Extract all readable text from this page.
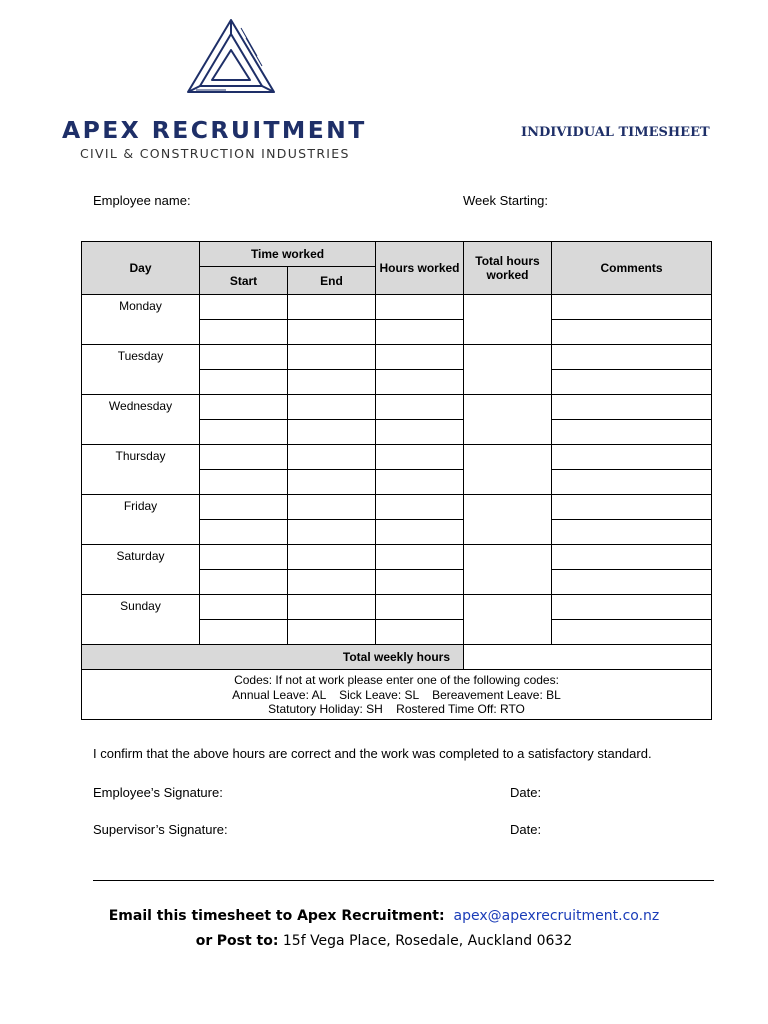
APEX RECRUITMENT
CIVIL & CONSTRUCTION INDUSTRIES
INDIVIDUAL TIMESHEET
Employee name:	Week Starting:
Day	Time worked		Hours worked	Total hours worked	Comments
	Start	End			
Monday					

Tuesday					

Wednesday					

Thursday					

Friday					

Saturday					

Sunday					

Total weekly hours					

Codes: If not at work please enter one of the following codes:
Annual Leave: AL    Sick Leave: SL    Bereavement Leave: BL
Statutory Holiday: SH    Rostered Time Off: RTO					
I confirm that the above hours are correct and the work was completed to a satisfactory standard.
Employee’s Signature:	Date:
Supervisor’s Signature:	Date:
Email this timesheet to Apex Recruitment: apex@apexrecruitment.co.nz
or Post to: 15f Vega Place, Rosedale, Auckland 0632
